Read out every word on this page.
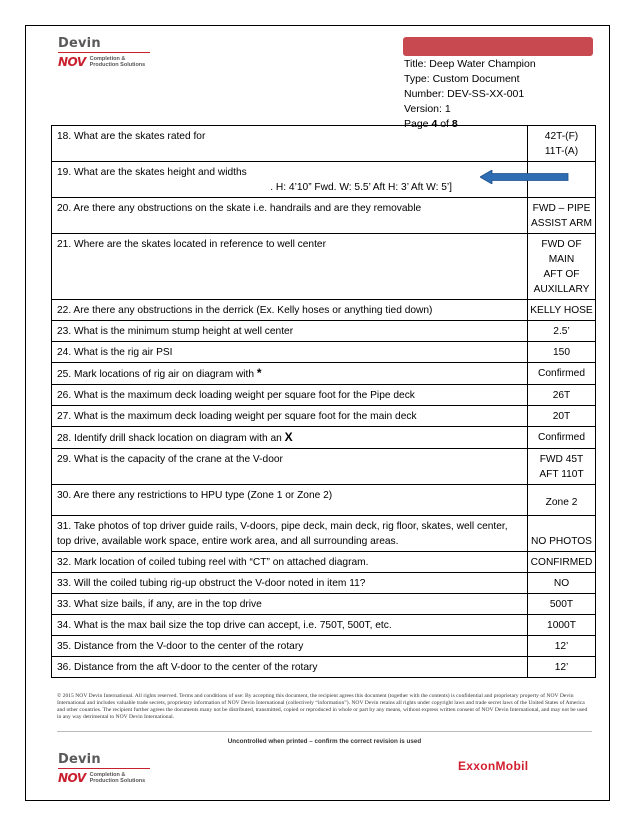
Devin
NOV Completion &
Production Solutions	Title: Deep Water Champion
Type: Custom Document
Number: DEV-SS-XX-001
Version: 1
Page 4 of 8
18. What are the skates rated for	42T-(F)
11T-(A)

19. What are the skates height and widths
. H: 4’10” Fwd. W: 5.5’ Aft H: 3’ Aft W: 5’]	

20. Are there any obstructions on the skate i.e. handrails and are they removable	FWD – PIPE
ASSIST ARM

21. Where are the skates located in reference to well center	FWD OF
MAIN
AFT OF
AUXILLARY

22. Are there any obstructions in the derrick (Ex. Kelly hoses or anything tied down)	KELLY HOSE

23. What is the minimum stump height at well center	2.5’

24. What is the rig air PSI	150

25. Mark locations of rig air on diagram with *	Confirmed

26. What is the maximum deck loading weight per square foot for the Pipe deck	26T

27. What is the maximum deck loading weight per square foot for the main deck	20T

28. Identify drill shack location on diagram with an X	Confirmed

29. What is the capacity of the crane at the V-door	FWD 45T
AFT 110T

30. Are there any restrictions to HPU type (Zone 1 or Zone 2)	Zone 2

31. Take photos of top driver guide rails, V-doors, pipe deck, main deck, rig floor, skates, well center, top drive, available work space, entire work area, and all surrounding areas.	NO PHOTOS

32. Mark location of coiled tubing reel with “CT” on attached diagram.	CONFIRMED

33. Will the coiled tubing rig-up obstruct the V-door noted in item 11?	NO

33. What size bails, if any, are in the top drive	500T

34. What is the max bail size the top drive can accept, i.e. 750T, 500T, etc.	1000T

35. Distance from the V-door to the center of the rotary	12’

36. Distance from the aft V-door to the center of the rotary	12’
© 2015 NOV Devin International. All rights reserved. Terms and conditions of use: By accepting this document, the recipient agrees this document (together with the contents) is confidential and proprietary property of NOV Devin International and includes valuable trade secrets, proprietary information of NOV Devin International (collectively “information”). NOV Devin retains all rights under copyright laws and trade secret laws of the United States of America and other countries. The recipient further agrees the documents many not be distributed, transmitted, copied or reproduced in whole or part by any means, without express written consent of NOV Devin International, and may not be used in any way detrimental to NOV Devin International.
Uncontrolled when printed – confirm the correct revision is used
Devin
NOV Completion &
Production Solutions
ExxonMobil
